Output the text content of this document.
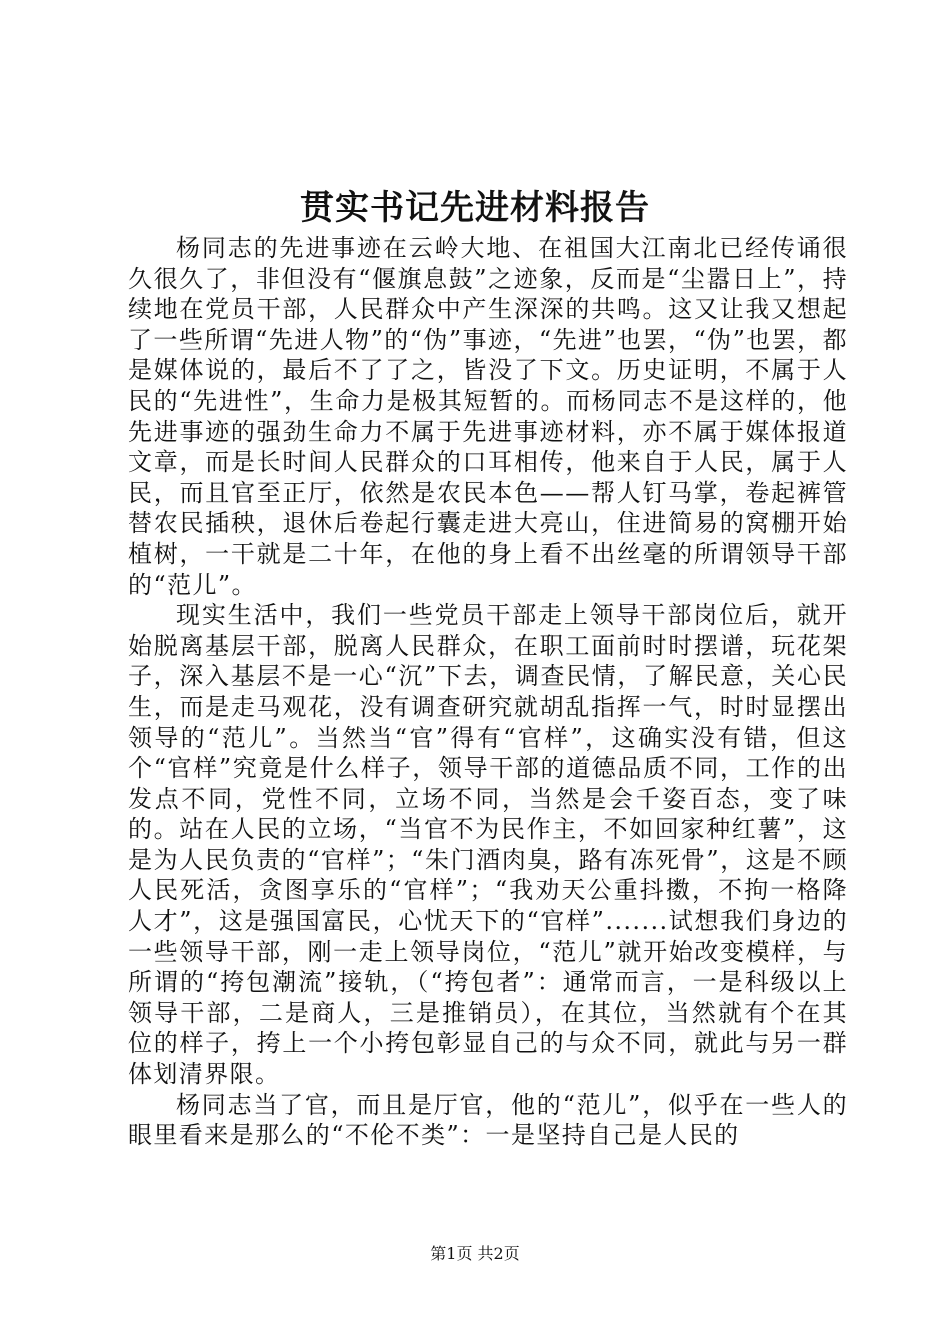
贯实书记先进材料报告

杨同志的先进事迹在云岭大地、在祖国大江南北已经传诵很久很久了，非但没有“偃旗息鼓”之迹象，反而是“尘嚣日上”，持续地在党员干部，人民群众中产生深深的共鸣。这又让我又想起了一些所谓“先进人物”的“伪”事迹，“先进”也罢，“伪”也罢，都是媒体说的，最后不了了之，皆没了下文。历史证明，不属于人民的“先进性”，生命力是极其短暂的。而杨同志不是这样的，他先进事迹的强劲生命力不属于先进事迹材料，亦不属于媒体报道文章，而是长时间人民群众的口耳相传，他来自于人民，属于人民，而且官至正厅，依然是农民本色——帮人钉马掌，卷起裤管替农民插秧，退休后卷起行囊走进大亮山，住进简易的窝棚开始植树，一干就是二十年，在他的身上看不出丝毫的所谓领导干部的“范儿”。

现实生活中，我们一些党员干部走上领导干部岗位后，就开始脱离基层干部，脱离人民群众，在职工面前时时摆谱，玩花架子，深入基层不是一心“沉”下去，调查民情，了解民意，关心民生，而是走马观花，没有调查研究就胡乱指挥一气，时时显摆出领导的“范儿”。当然当“官”得有“官样”，这确实没有错，但这个“官样”究竟是什么样子，领导干部的道德品质不同，工作的出发点不同，党性不同，立场不同，当然是会千姿百态，变了味的。站在人民的立场，“当官不为民作主，不如回家种红薯”，这是为人民负责的“官样”；“朱门酒肉臭，路有冻死骨”，这是不顾人民死活，贪图享乐的“官样”；“我劝天公重抖擞，不拘一格降人才”，这是强国富民，心忧天下的“官样”.......试想我们身边的一些领导干部，刚一走上领导岗位，“范儿”就开始改变模样，与所谓的“挎包潮流”接轨，（“挎包者”：通常而言，一是科级以上领导干部，二是商人，三是推销员），在其位，当然就有个在其位的样子，挎上一个小挎包彰显自己的与众不同，就此与另一群体划清界限。

杨同志当了官，而且是厅官，他的“范儿”，似乎在一些人的眼里看来是那么的“不伦不类”：一是坚持自己是人民的

第1页 共2页
